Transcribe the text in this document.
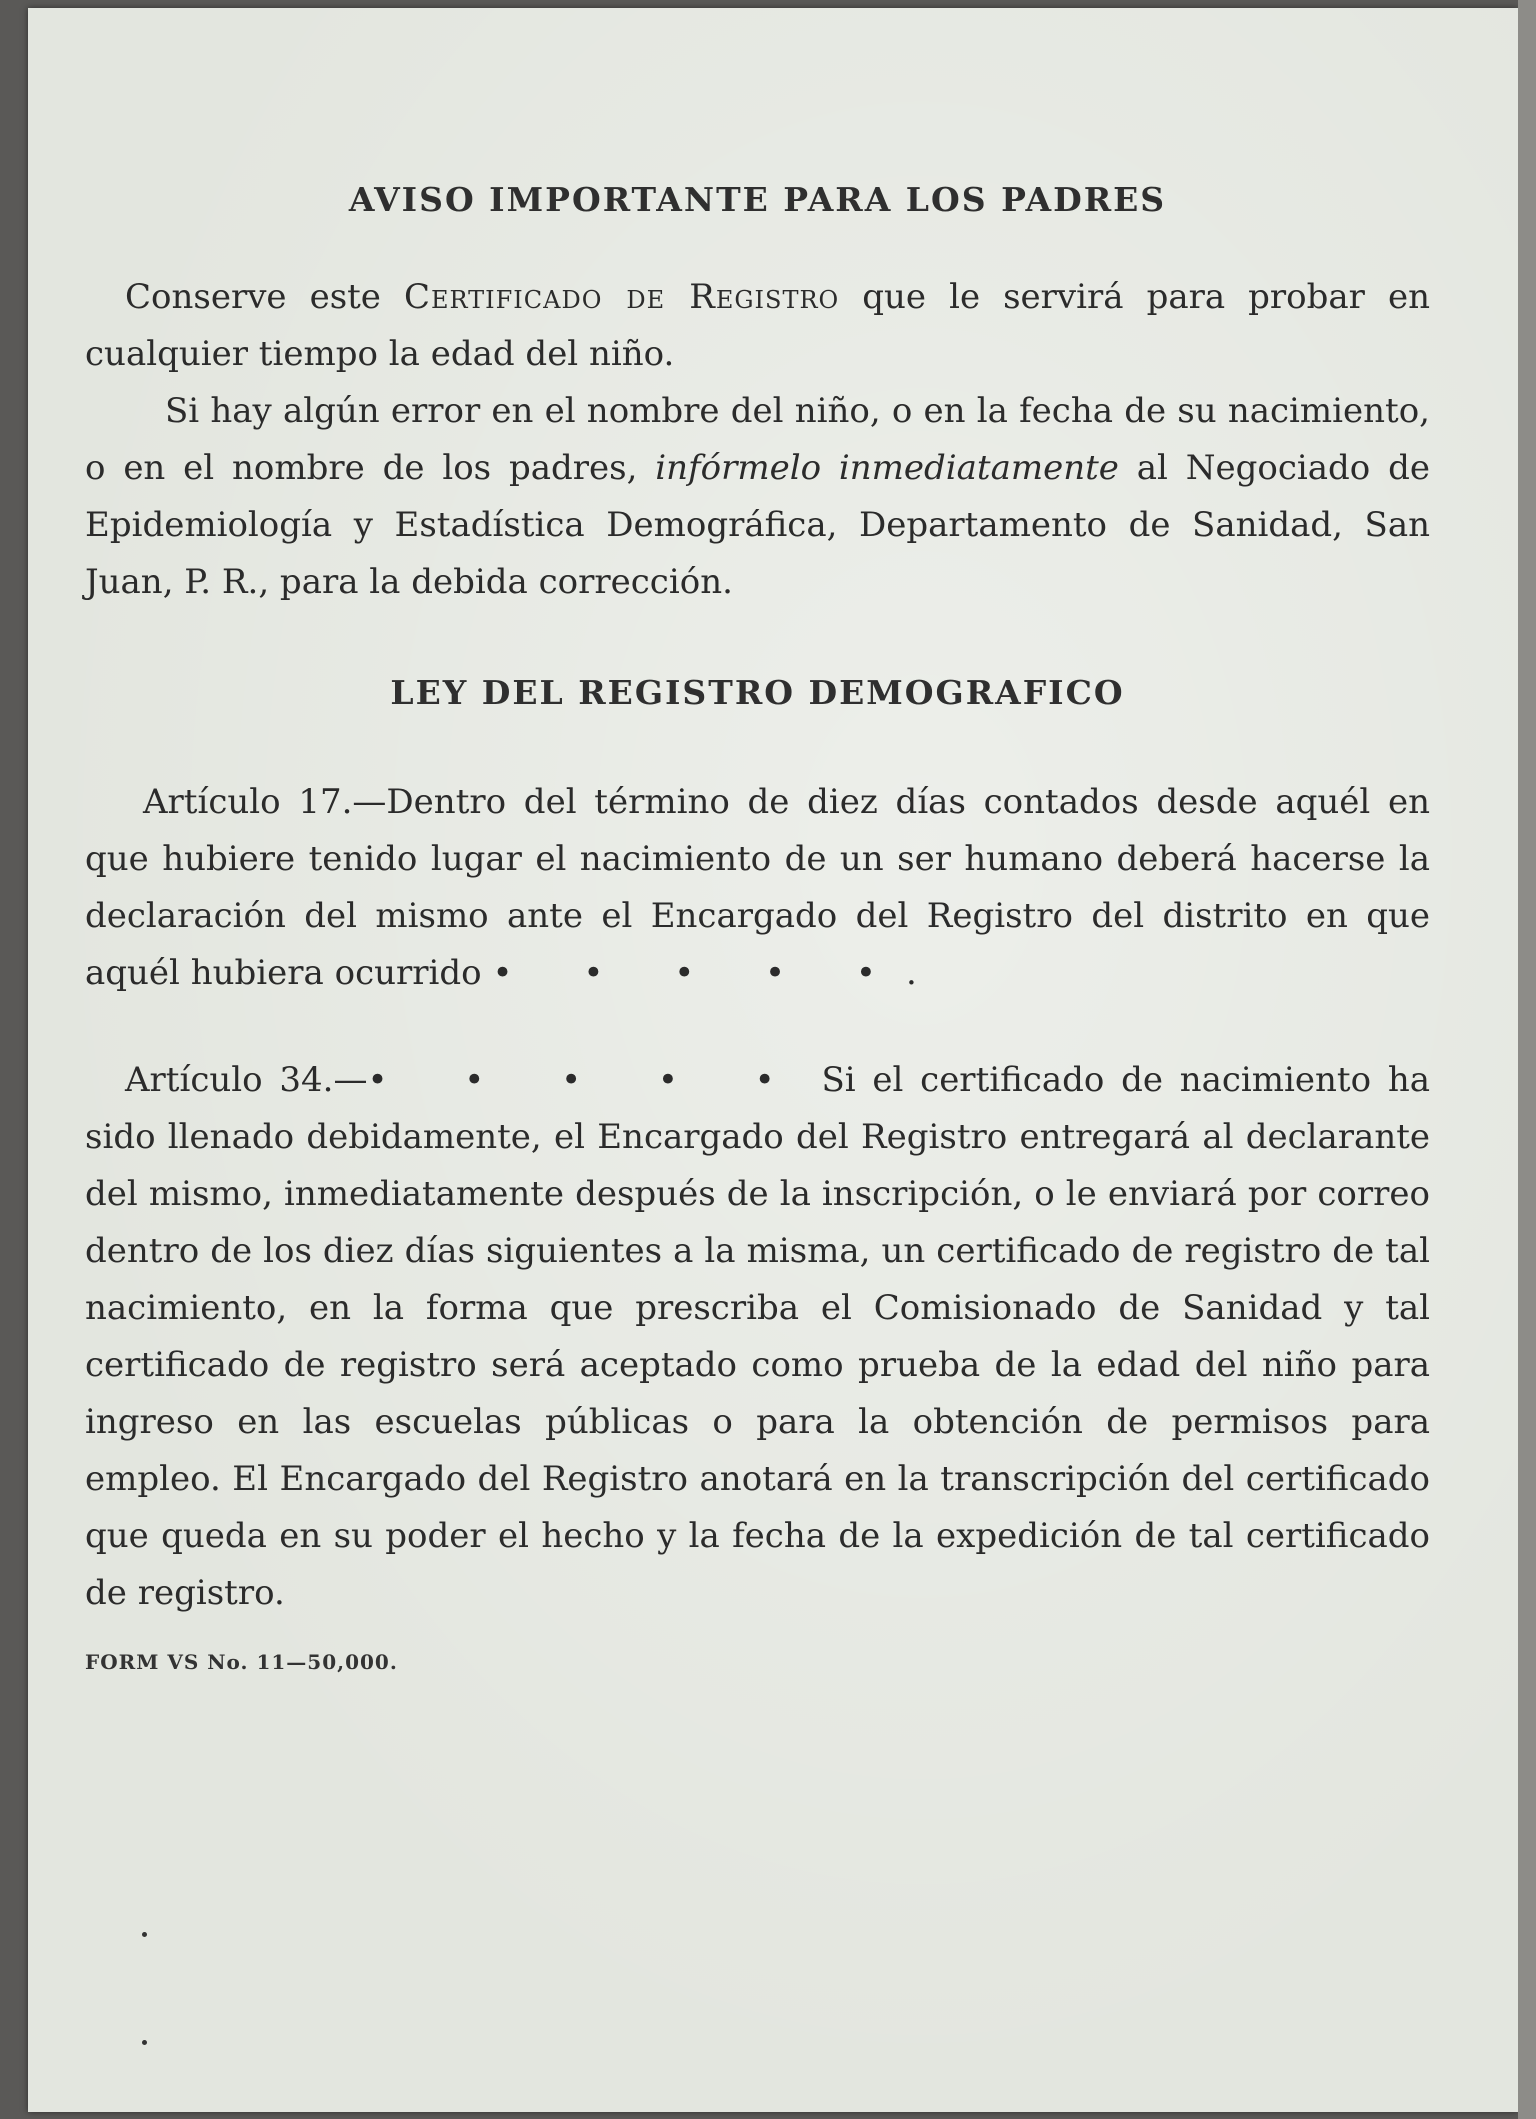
AVISO IMPORTANTE PARA LOS PADRES

Conserve este Certificado de Registro que le servirá para probar en cualquier tiempo la edad del niño.

Si hay algún error en el nombre del niño, o en la fecha de su nacimiento, o en el nombre de los padres, infórmelo inmediatamente al Negociado de Epidemiología y Estadística Demográfica, Departamento de Sanidad, San Juan, P. R., para la debida corrección.

LEY DEL REGISTRO DEMOGRAFICO

Artículo 17.—Dentro del término de diez días contados desde aquél en que hubiere tenido lugar el nacimiento de un ser humano deberá hacerse la declaración del mismo ante el Encargado del Registro del distrito en que aquél hubiera ocurrido • • • • •.

Artículo 34.—• • • • • Si el certificado de nacimiento ha sido llenado debidamente, el Encargado del Registro entregará al declarante del mismo, inmediatamente después de la inscripción, o le enviará por correo dentro de los diez días siguientes a la misma, un certificado de registro de tal nacimiento, en la forma que prescriba el Comisionado de Sanidad y tal certificado de registro será aceptado como prueba de la edad del niño para ingreso en las escuelas públicas o para la obtención de permisos para empleo. El Encargado del Registro anotará en la transcripción del certificado que queda en su poder el hecho y la fecha de la expedición de tal certificado de registro.

FORM VS No. 11—50,000.
